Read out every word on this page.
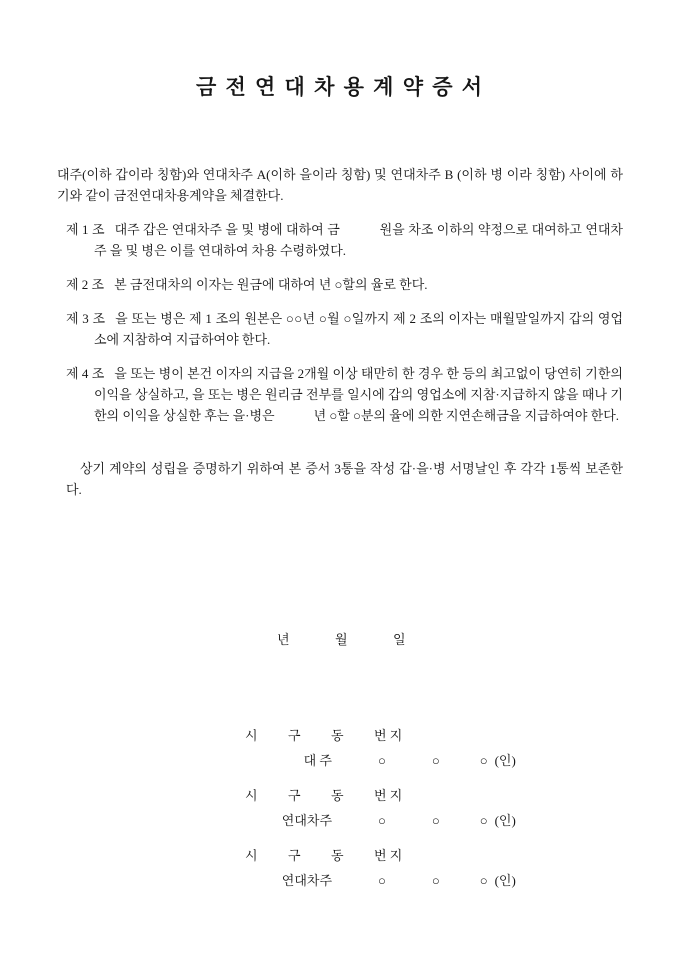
금 전 연 대 차 용 계 약 증 서

대주(이하 갑이라 칭함)와 연대차주 A(이하 을이라 칭함) 및 연대차주 B (이하 병 이라 칭함) 사이에 하기와 같이 금전연대차용계약을 체결한다.

제 1 조 대주 갑은 연대차주 을 및 병에 대하여 금　　　원을 차조 이하의 약정으로 대여하고 연대차주 을 및 병은 이를 연대하여 차용 수령하였다.

제 2 조 본 금전대차의 이자는 원금에 대하여 년 ○할의 율로 한다.

제 3 조 을 또는 병은 제 1 조의 원본은 ○○년 ○월 ○일까지 제 2 조의 이자는 매월말일까지 갑의 영업소에 지참하여 지급하여야 한다.

제 4 조 을 또는 병이 본건 이자의 지급을 2개월 이상 태만히 한 경우 한 등의 최고없이 당연히 기한의 이익을 상실하고, 을 또는 병은 원리금 전부를 일시에 갑의 영업소에 지참·지급하지 않을 때나 기한의 이익을 상실한 후는 을·병은　　　년 ○할 ○분의 율에 의한 지연손해금을 지급하여야 한다.

상기 계약의 성립을 증명하기 위하여 본 증서 3통을 작성 갑·을·병 서명날인 후 각각 1통씩 보존한다.

년	월	일
시 구 동 번 지
대 주	○	○	○ (인)
시 구 동 번 지
연대차주	○	○	○ (인)
시 구 동 번 지
연대차주	○	○	○ (인)
